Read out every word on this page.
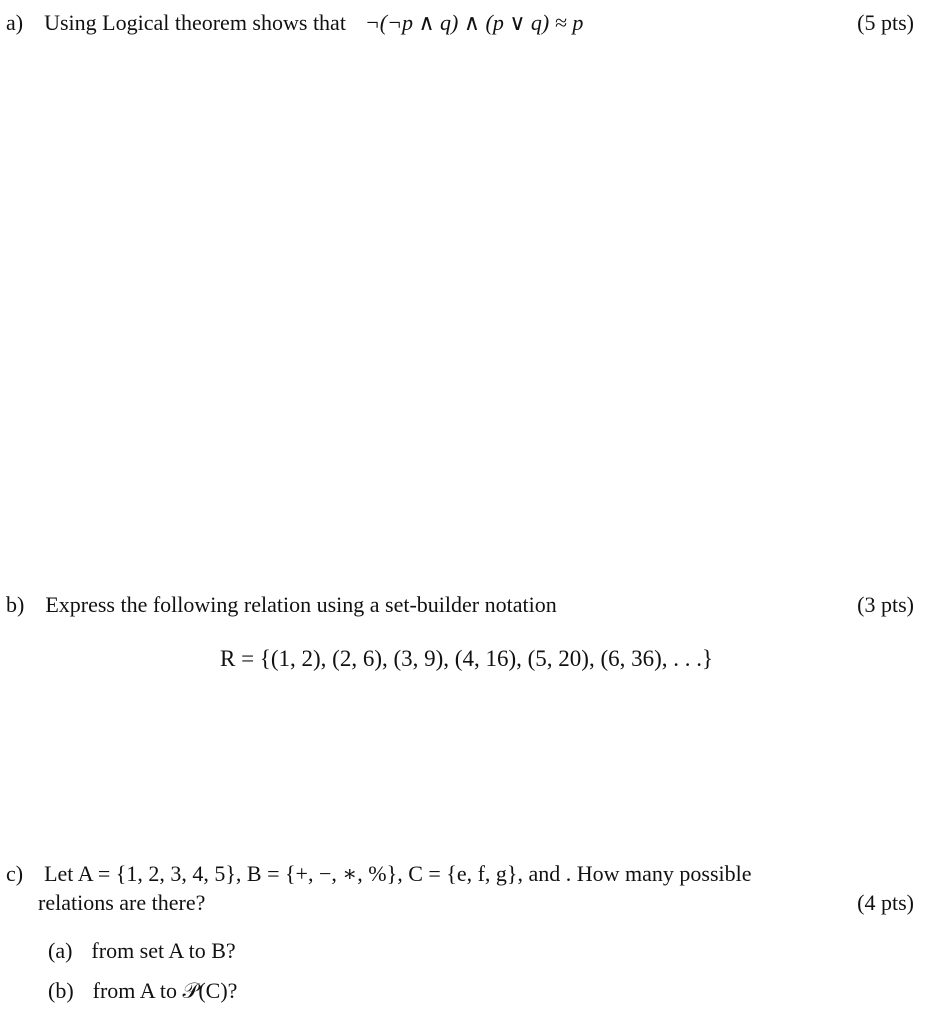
a) Using Logical theorem shows that ¬(¬p ∧ q) ∧ (p ∨ q) ≈ p	(5 pts)
b) Express the following relation using a set-builder notation	(3 pts)
R = {(1, 2), (2, 6), (3, 9), (4, 16), (5, 20), (6, 36), . . .}
c) Let A = {1, 2, 3, 4, 5}, B = {+, −, ∗, %}, C = {e, f, g}, and . How many possible
relations are there?	(4 pts)
(a) from set A to B?
(b) from A to 𝒫(C)?
